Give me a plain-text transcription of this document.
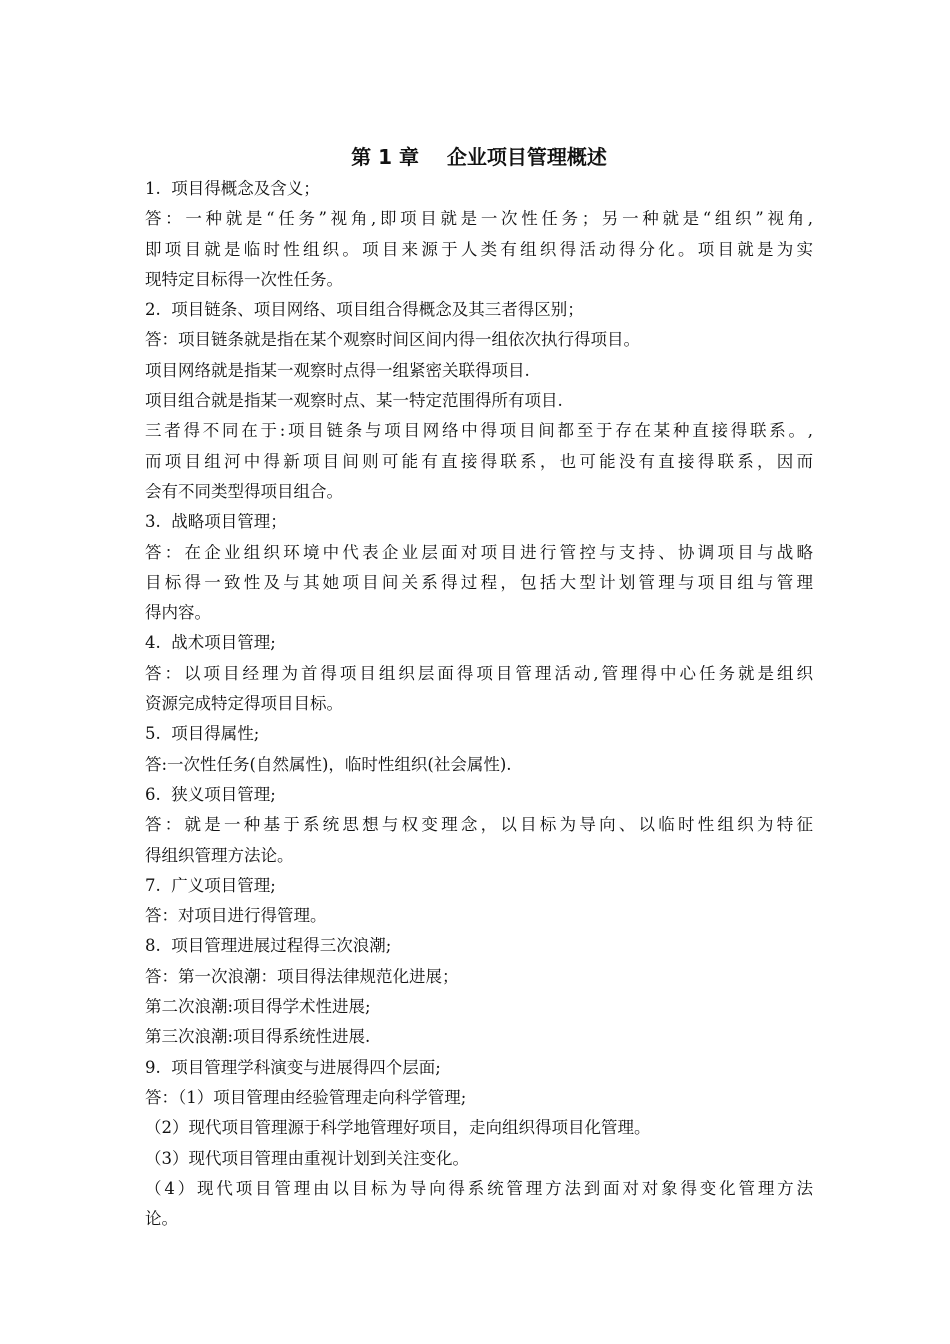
第 1 章    企业项目管理概述
1.  项目得概念及含义；
答：一种就是“任务”视角,即项目就是一次性任务；另一种就是“组织”视角,
即项目就是临时性组织。项目来源于人类有组织得活动得分化。项目就是为实
现特定目标得一次性任务。
2.  项目链条、项目网络、项目组合得概念及其三者得区别；
答：项目链条就是指在某个观察时间区间内得一组依次执行得项目。
项目网络就是指某一观察时点得一组紧密关联得项目.
项目组合就是指某一观察时点、某一特定范围得所有项目.
三者得不同在于:项目链条与项目网络中得项目间都至于存在某种直接得联系。,
而项目组河中得新项目间则可能有直接得联系，也可能没有直接得联系，因而
会有不同类型得项目组合。
3.  战略项目管理；
答：在企业组织环境中代表企业层面对项目进行管控与支持、协调项目与战略
目标得一致性及与其她项目间关系得过程，包括大型计划管理与项目组与管理
得内容。
4.  战术项目管理;
答：以项目经理为首得项目组织层面得项目管理活动,管理得中心任务就是组织
资源完成特定得项目目标。
5.  项目得属性;
答:一次性任务(自然属性)，临时性组织(社会属性).
6.  狭义项目管理;
答：就是一种基于系统思想与权变理念，以目标为导向、以临时性组织为特征
得组织管理方法论。
7.  广义项目管理;
答：对项目进行得管理。
8.  项目管理进展过程得三次浪潮;
答：第一次浪潮：项目得法律规范化进展；
第二次浪潮:项目得学术性进展;
第三次浪潮:项目得系统性进展.
9.  项目管理学科演变与进展得四个层面;
答：（1）项目管理由经验管理走向科学管理;
（2）现代项目管理源于科学地管理好项目，走向组织得项目化管理。
（3）现代项目管理由重视计划到关注变化。
（4）现代项目管理由以目标为导向得系统管理方法到面对对象得变化管理方法
论。
